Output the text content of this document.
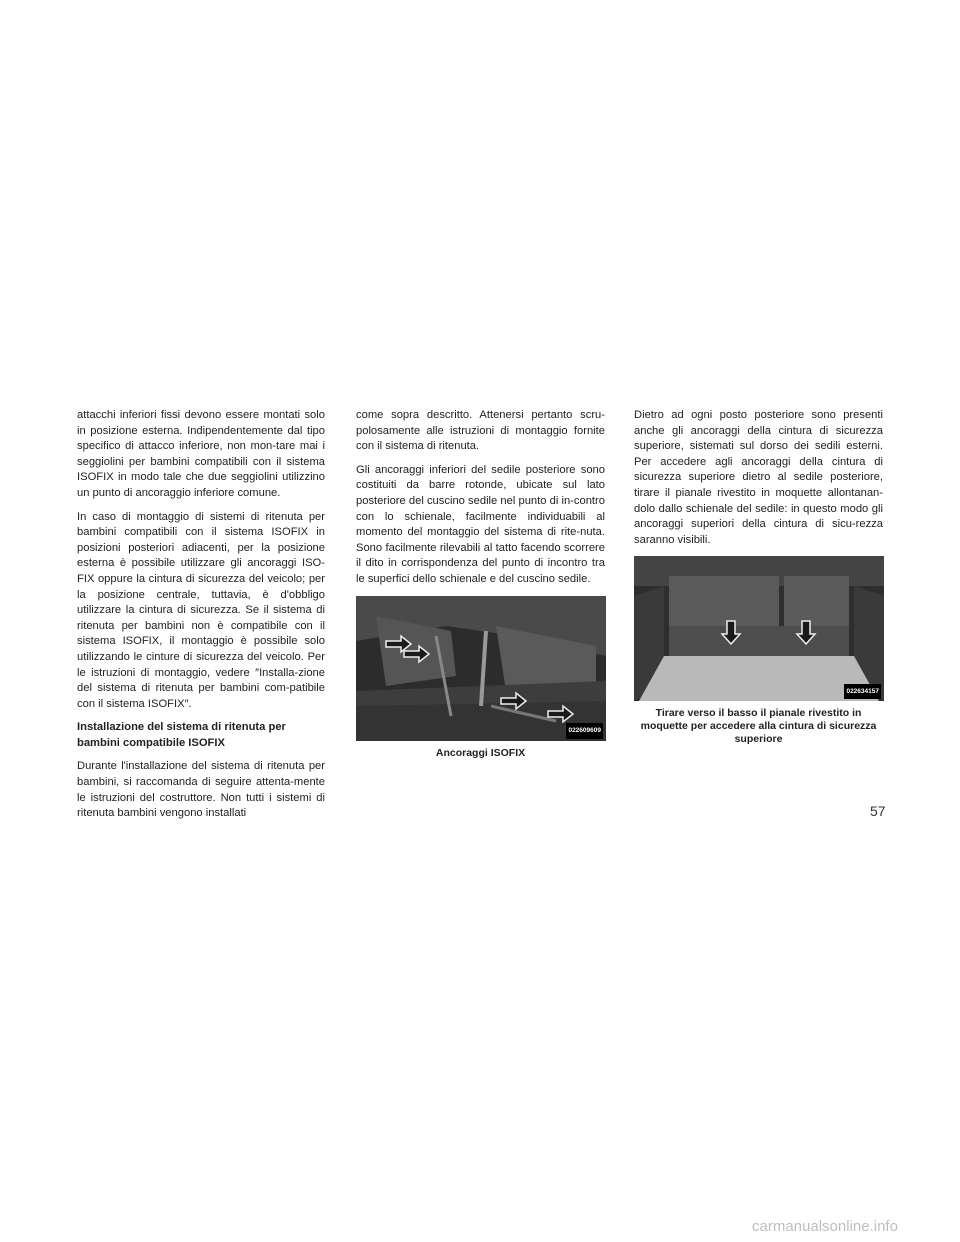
attacchi inferiori fissi devono essere montati solo in posizione esterna. Indipendentemente dal tipo specifico di attacco inferiore, non mon-tare mai i seggiolini per bambini compatibili con il sistema ISOFIX in modo tale che due seggiolini utilizzino un punto di ancoraggio inferiore comune.

In caso di montaggio di sistemi di ritenuta per bambini compatibili con il sistema ISOFIX in posizioni posteriori adiacenti, per la posizione esterna è possibile utilizzare gli ancoraggi ISO-FIX oppure la cintura di sicurezza del veicolo; per la posizione centrale, tuttavia, è d'obbligo utilizzare la cintura di sicurezza. Se il sistema di ritenuta per bambini non è compatibile con il sistema ISOFIX, il montaggio è possibile solo utilizzando le cinture di sicurezza del veicolo. Per le istruzioni di montaggio, vedere ″Installa-zione del sistema di ritenuta per bambini com-patibile con il sistema ISOFIX″.

Installazione del sistema di ritenuta per bambini compatibile ISOFIX

Durante l'installazione del sistema di ritenuta per bambini, si raccomanda di seguire attenta-mente le istruzioni del costruttore. Non tutti i sistemi di ritenuta bambini vengono installati

come sopra descritto. Attenersi pertanto scru-polosamente alle istruzioni di montaggio fornite con il sistema di ritenuta.

Gli ancoraggi inferiori del sedile posteriore sono costituiti da barre rotonde, ubicate sul lato posteriore del cuscino sedile nel punto di in-contro con lo schienale, facilmente individuabili al momento del montaggio del sistema di rite-nuta. Sono facilmente rilevabili al tatto facendo scorrere il dito in corrispondenza del punto di incontro tra le superfici dello schienale e del cuscino sedile.

022609609
Ancoraggi ISOFIX

Dietro ad ogni posto posteriore sono presenti anche gli ancoraggi della cintura di sicurezza superiore, sistemati sul dorso dei sedili esterni. Per accedere agli ancoraggi della cintura di sicurezza superiore dietro al sedile posteriore, tirare il pianale rivestito in moquette allontanan-dolo dallo schienale del sedile: in questo modo gli ancoraggi superiori della cintura di sicu-rezza saranno visibili.

022634157
Tirare verso il basso il pianale rivestito in moquette per accedere alla cintura di sicurezza superiore
57
carmanualsonline.info
